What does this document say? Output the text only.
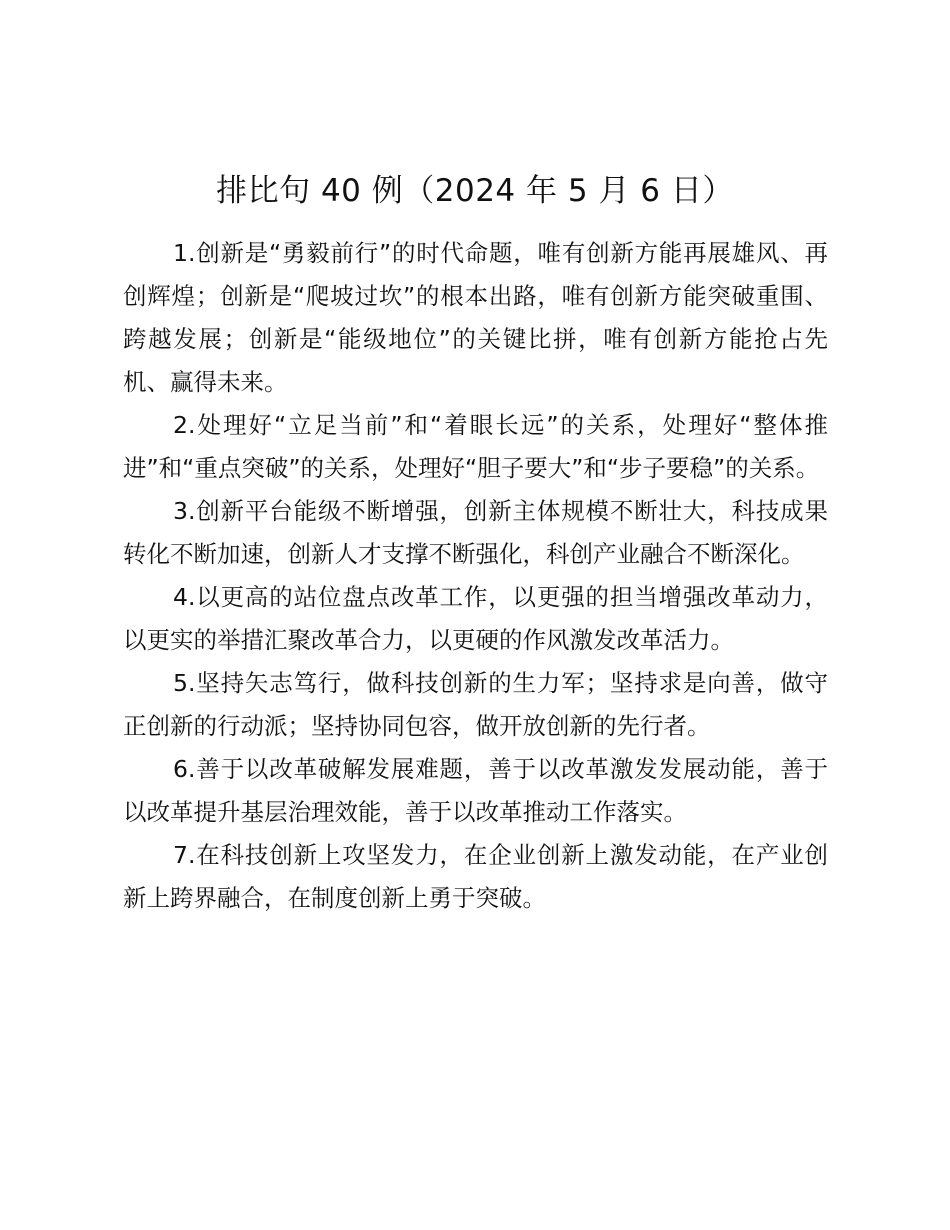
排比句 40 例（2024 年 5 月 6 日）

1.创新是“勇毅前行”的时代命题，唯有创新方能再展雄风、再创辉煌；创新是“爬坡过坎”的根本出路，唯有创新方能突破重围、跨越发展；创新是“能级地位”的关键比拼，唯有创新方能抢占先机、赢得未来。

2.处理好“立足当前”和“着眼长远”的关系，处理好“整体推进”和“重点突破”的关系，处理好“胆子要大”和“步子要稳”的关系。

3.创新平台能级不断增强，创新主体规模不断壮大，科技成果转化不断加速，创新人才支撑不断强化，科创产业融合不断深化。

4.以更高的站位盘点改革工作，以更强的担当增强改革动力，以更实的举措汇聚改革合力，以更硬的作风激发改革活力。

5.坚持矢志笃行，做科技创新的生力军；坚持求是向善，做守正创新的行动派；坚持协同包容，做开放创新的先行者。

6.善于以改革破解发展难题，善于以改革激发发展动能，善于以改革提升基层治理效能，善于以改革推动工作落实。

7.在科技创新上攻坚发力，在企业创新上激发动能，在产业创新上跨界融合，在制度创新上勇于突破。
